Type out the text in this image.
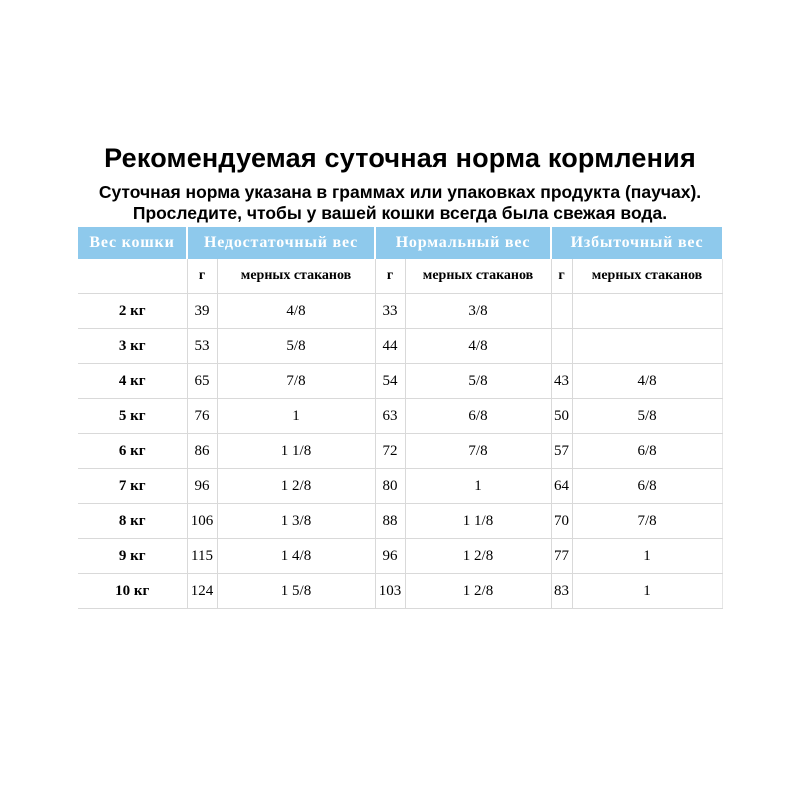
Рекомендуемая суточная норма кормления
Суточная норма указана в граммах или упаковках продукта (паучах).
Проследите, чтобы у вашей кошки всегда была свежая вода.
Вес кошки	Недостаточный вес		Нормальный вес		Избыточный вес	
	г	мерных стаканов	г	мерных стаканов	г	мерных стаканов
2 кг	39	4/8	33	3/8		
3 кг	53	5/8	44	4/8		
4 кг	65	7/8	54	5/8	43	4/8
5 кг	76	1	63	6/8	50	5/8
6 кг	86	1 1/8	72	7/8	57	6/8
7 кг	96	1 2/8	80	1	64	6/8
8 кг	106	1 3/8	88	1 1/8	70	7/8
9 кг	115	1 4/8	96	1 2/8	77	1
10 кг	124	1 5/8	103	1 2/8	83	1
